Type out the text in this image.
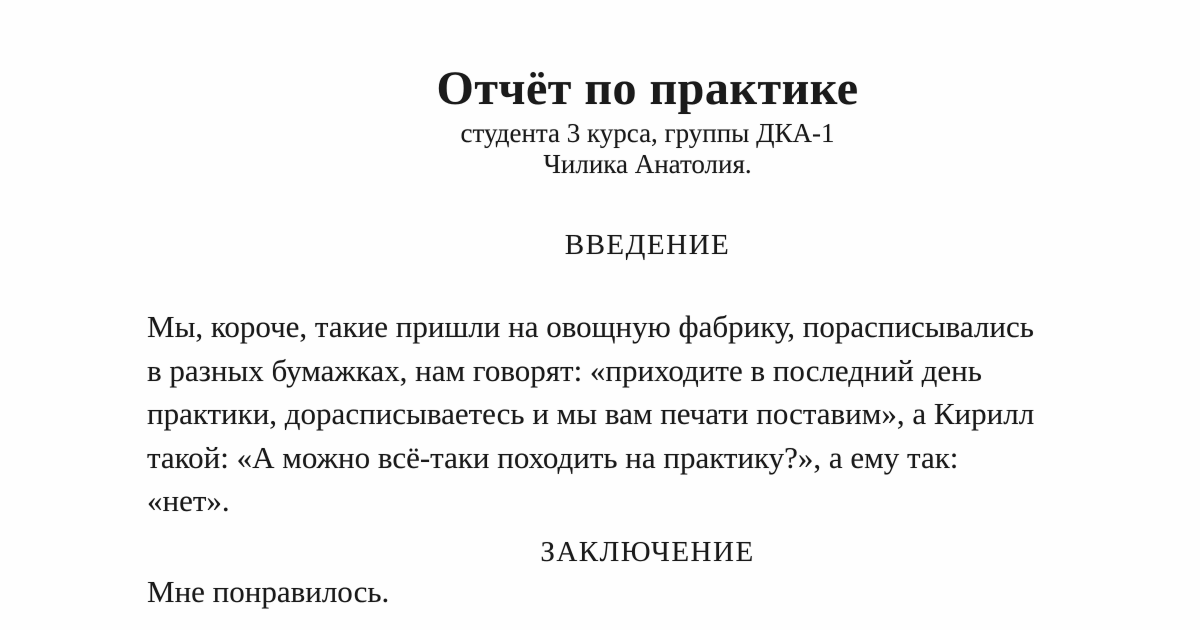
Отчёт по практике
студента 3 курса, группы ДКА-1
Чилика Анатолия.
ВВЕДЕНИЕ
Мы, короче, такие пришли на овощную фабрику, порасписывались
в разных бумажках, нам говорят: «приходите в последний день
практики, дорасписываетесь и мы вам печати поставим», а Кирилл
такой: «А можно всё-таки походить на практику?», а ему так:
«нет».
ЗАКЛЮЧЕНИЕ
Мне понравилось.
